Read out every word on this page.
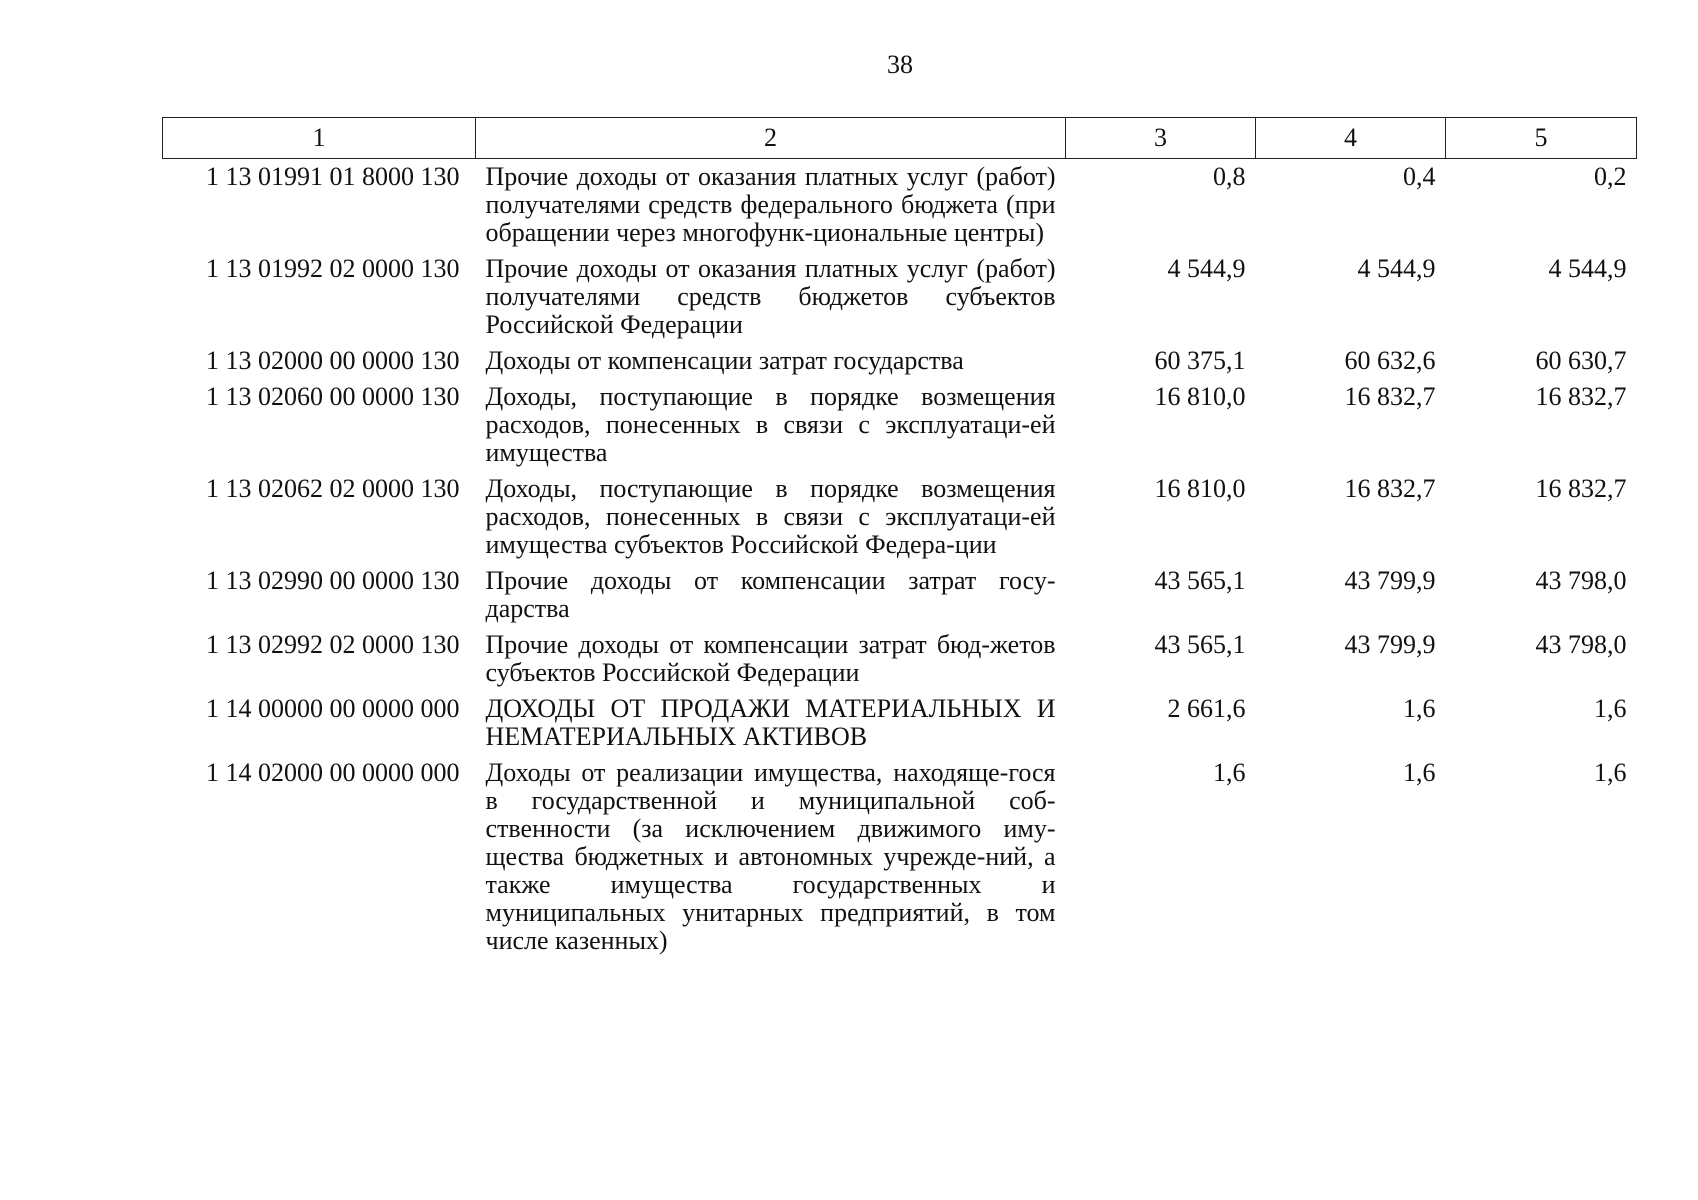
38
1	2	3	4	5
1 13 01991 01 8000 130	Прочие доходы от оказания платных услуг (работ) получателями средств федерального бюджета (при обращении через многофунк-циональные центры)	0,8	0,4	0,2
1 13 01992 02 0000 130	Прочие доходы от оказания платных услуг (работ) получателями средств бюджетов субъектов Российской Федерации	4 544,9	4 544,9	4 544,9
1 13 02000 00 0000 130	Доходы от компенсации затрат государства	60 375,1	60 632,6	60 630,7
1 13 02060 00 0000 130	Доходы, поступающие в порядке возмещения расходов, понесенных в связи с эксплуатаци-ей имущества	16 810,0	16 832,7	16 832,7
1 13 02062 02 0000 130	Доходы, поступающие в порядке возмещения расходов, понесенных в связи с эксплуатаци-ей имущества субъектов Российской Федера-ции	16 810,0	16 832,7	16 832,7
1 13 02990 00 0000 130	Прочие доходы от компенсации затрат госу-дарства	43 565,1	43 799,9	43 798,0
1 13 02992 02 0000 130	Прочие доходы от компенсации затрат бюд-жетов субъектов Российской Федерации	43 565,1	43 799,9	43 798,0
1 14 00000 00 0000 000	ДОХОДЫ ОТ ПРОДАЖИ МАТЕРИАЛЬНЫХ И НЕМАТЕРИАЛЬНЫХ АКТИВОВ	2 661,6	1,6	1,6
1 14 02000 00 0000 000	Доходы от реализации имущества, находяще-гося в государственной и муниципальной соб-ственности (за исключением движимого иму-щества бюджетных и автономных учрежде-ний, а также имущества государственных и муниципальных унитарных предприятий, в том числе казенных)	1,6	1,6	1,6
